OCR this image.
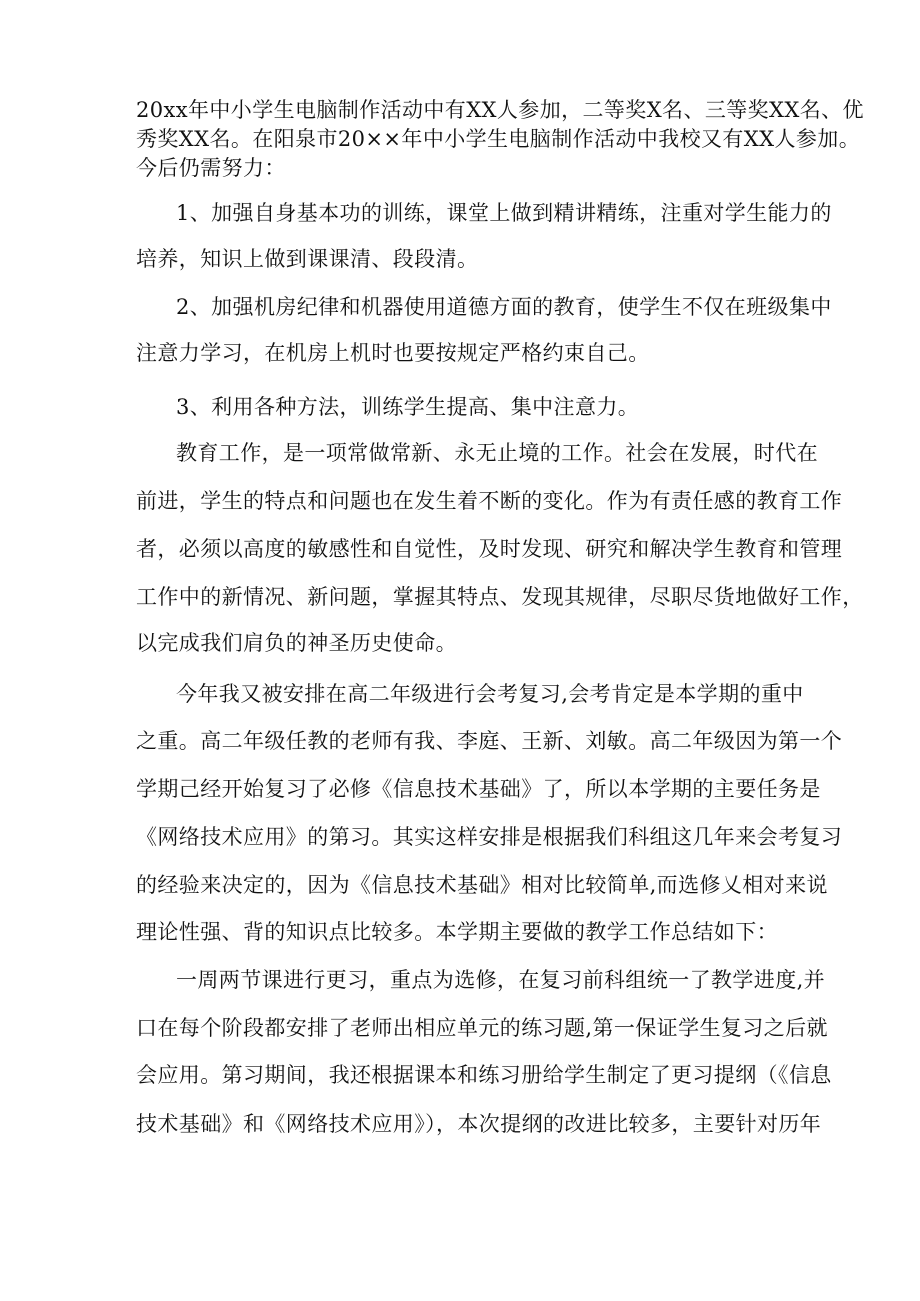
20xx年中小学生电脑制作活动中有XX人参加，二等奖X名、三等奖XX名、优
秀奖XX名。在阳泉市20××年中小学生电脑制作活动中我校又有XX人参加。
今后仍需努力：
1、加强自身基本功的训练，课堂上做到精讲精练，注重对学生能力的
培养，知识上做到课课清、段段清。
2、加强机房纪律和机器使用道德方面的教育，使学生不仅在班级集中
注意力学习，在机房上机时也要按规定严格约束自己。
3、利用各种方法，训练学生提高、集中注意力。
教育工作，是一项常做常新、永无止境的工作。社会在发展，时代在
前进，学生的特点和问题也在发生着不断的变化。作为有责任感的教育工作
者，必须以高度的敏感性和自觉性，及时发现、研究和解决学生教育和管理
工作中的新情况、新问题，掌握其特点、发现其规律，尽职尽货地做好工作，
以完成我们肩负的神圣历史使命。
今年我又被安排在高二年级进行会考复习,会考肯定是本学期的重中
之重。高二年级任教的老师有我、李庭、王新、刘敏。高二年级因为第一个
学期己经开始复习了必修《信息技术基础》了，所以本学期的主要任务是
《网络技术应用》的第习。其实这样安排是根据我们科组这几年来会考复习
的经验来决定的，因为《信息技术基础》相对比较简单,而选修乂相对来说
理论性强、背的知识点比较多。本学期主要做的教学工作总结如下：
一周两节课进行更习，重点为选修，在复习前科组统一了教学进度,并
口在每个阶段都安排了老师出相应单元的练习题,第一保证学生复习之后就
会应用。第习期间，我还根据课本和练习册给学生制定了更习提纲（《信息
技术基础》和《网络技术应用》），本次提纲的改进比较多，主要针对历年
